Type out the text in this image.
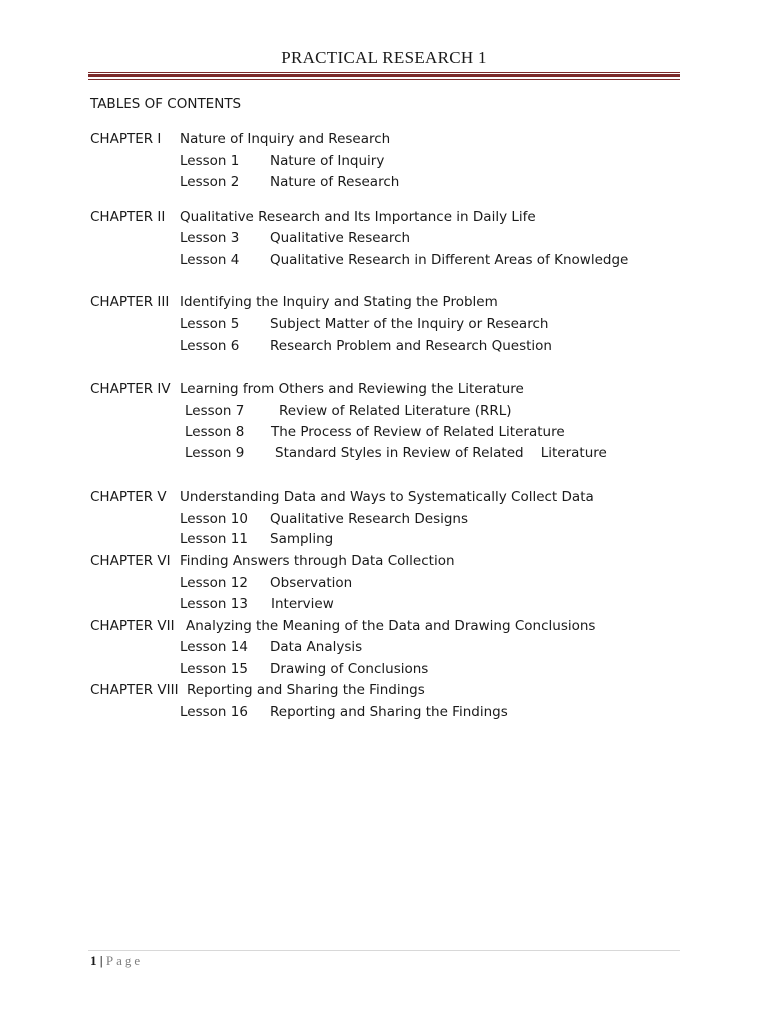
PRACTICAL RESEARCH 1
TABLES OF CONTENTS
CHAPTER I Nature of Inquiry and Research
Lesson 1 Nature of Inquiry
Lesson 2 Nature of Research
CHAPTER II Qualitative Research and Its Importance in Daily Life
Lesson 3 Qualitative Research
Lesson 4 Qualitative Research in Different Areas of Knowledge
CHAPTER III Identifying the Inquiry and Stating the Problem
Lesson 5 Subject Matter of the Inquiry or Research
Lesson 6 Research Problem and Research Question
CHAPTER IV Learning from Others and Reviewing the Literature
Lesson 7	Review of Related Literature (RRL)
Lesson 8 The Process of Review of Related Literature
Lesson 9 Standard Styles in Review of Related    Literature
CHAPTER V Understanding Data and Ways to Systematically Collect Data
Lesson 10 Qualitative Research Designs
Lesson 11 Sampling
CHAPTER VI Finding Answers through Data Collection
Lesson 12 Observation
Lesson 13 Interview
CHAPTER VII Analyzing the Meaning of the Data and Drawing Conclusions
Lesson 14 Data Analysis
Lesson 15 Drawing of Conclusions
CHAPTER VIII Reporting and Sharing the Findings
Lesson 16 Reporting and Sharing the Findings
1 | Page
